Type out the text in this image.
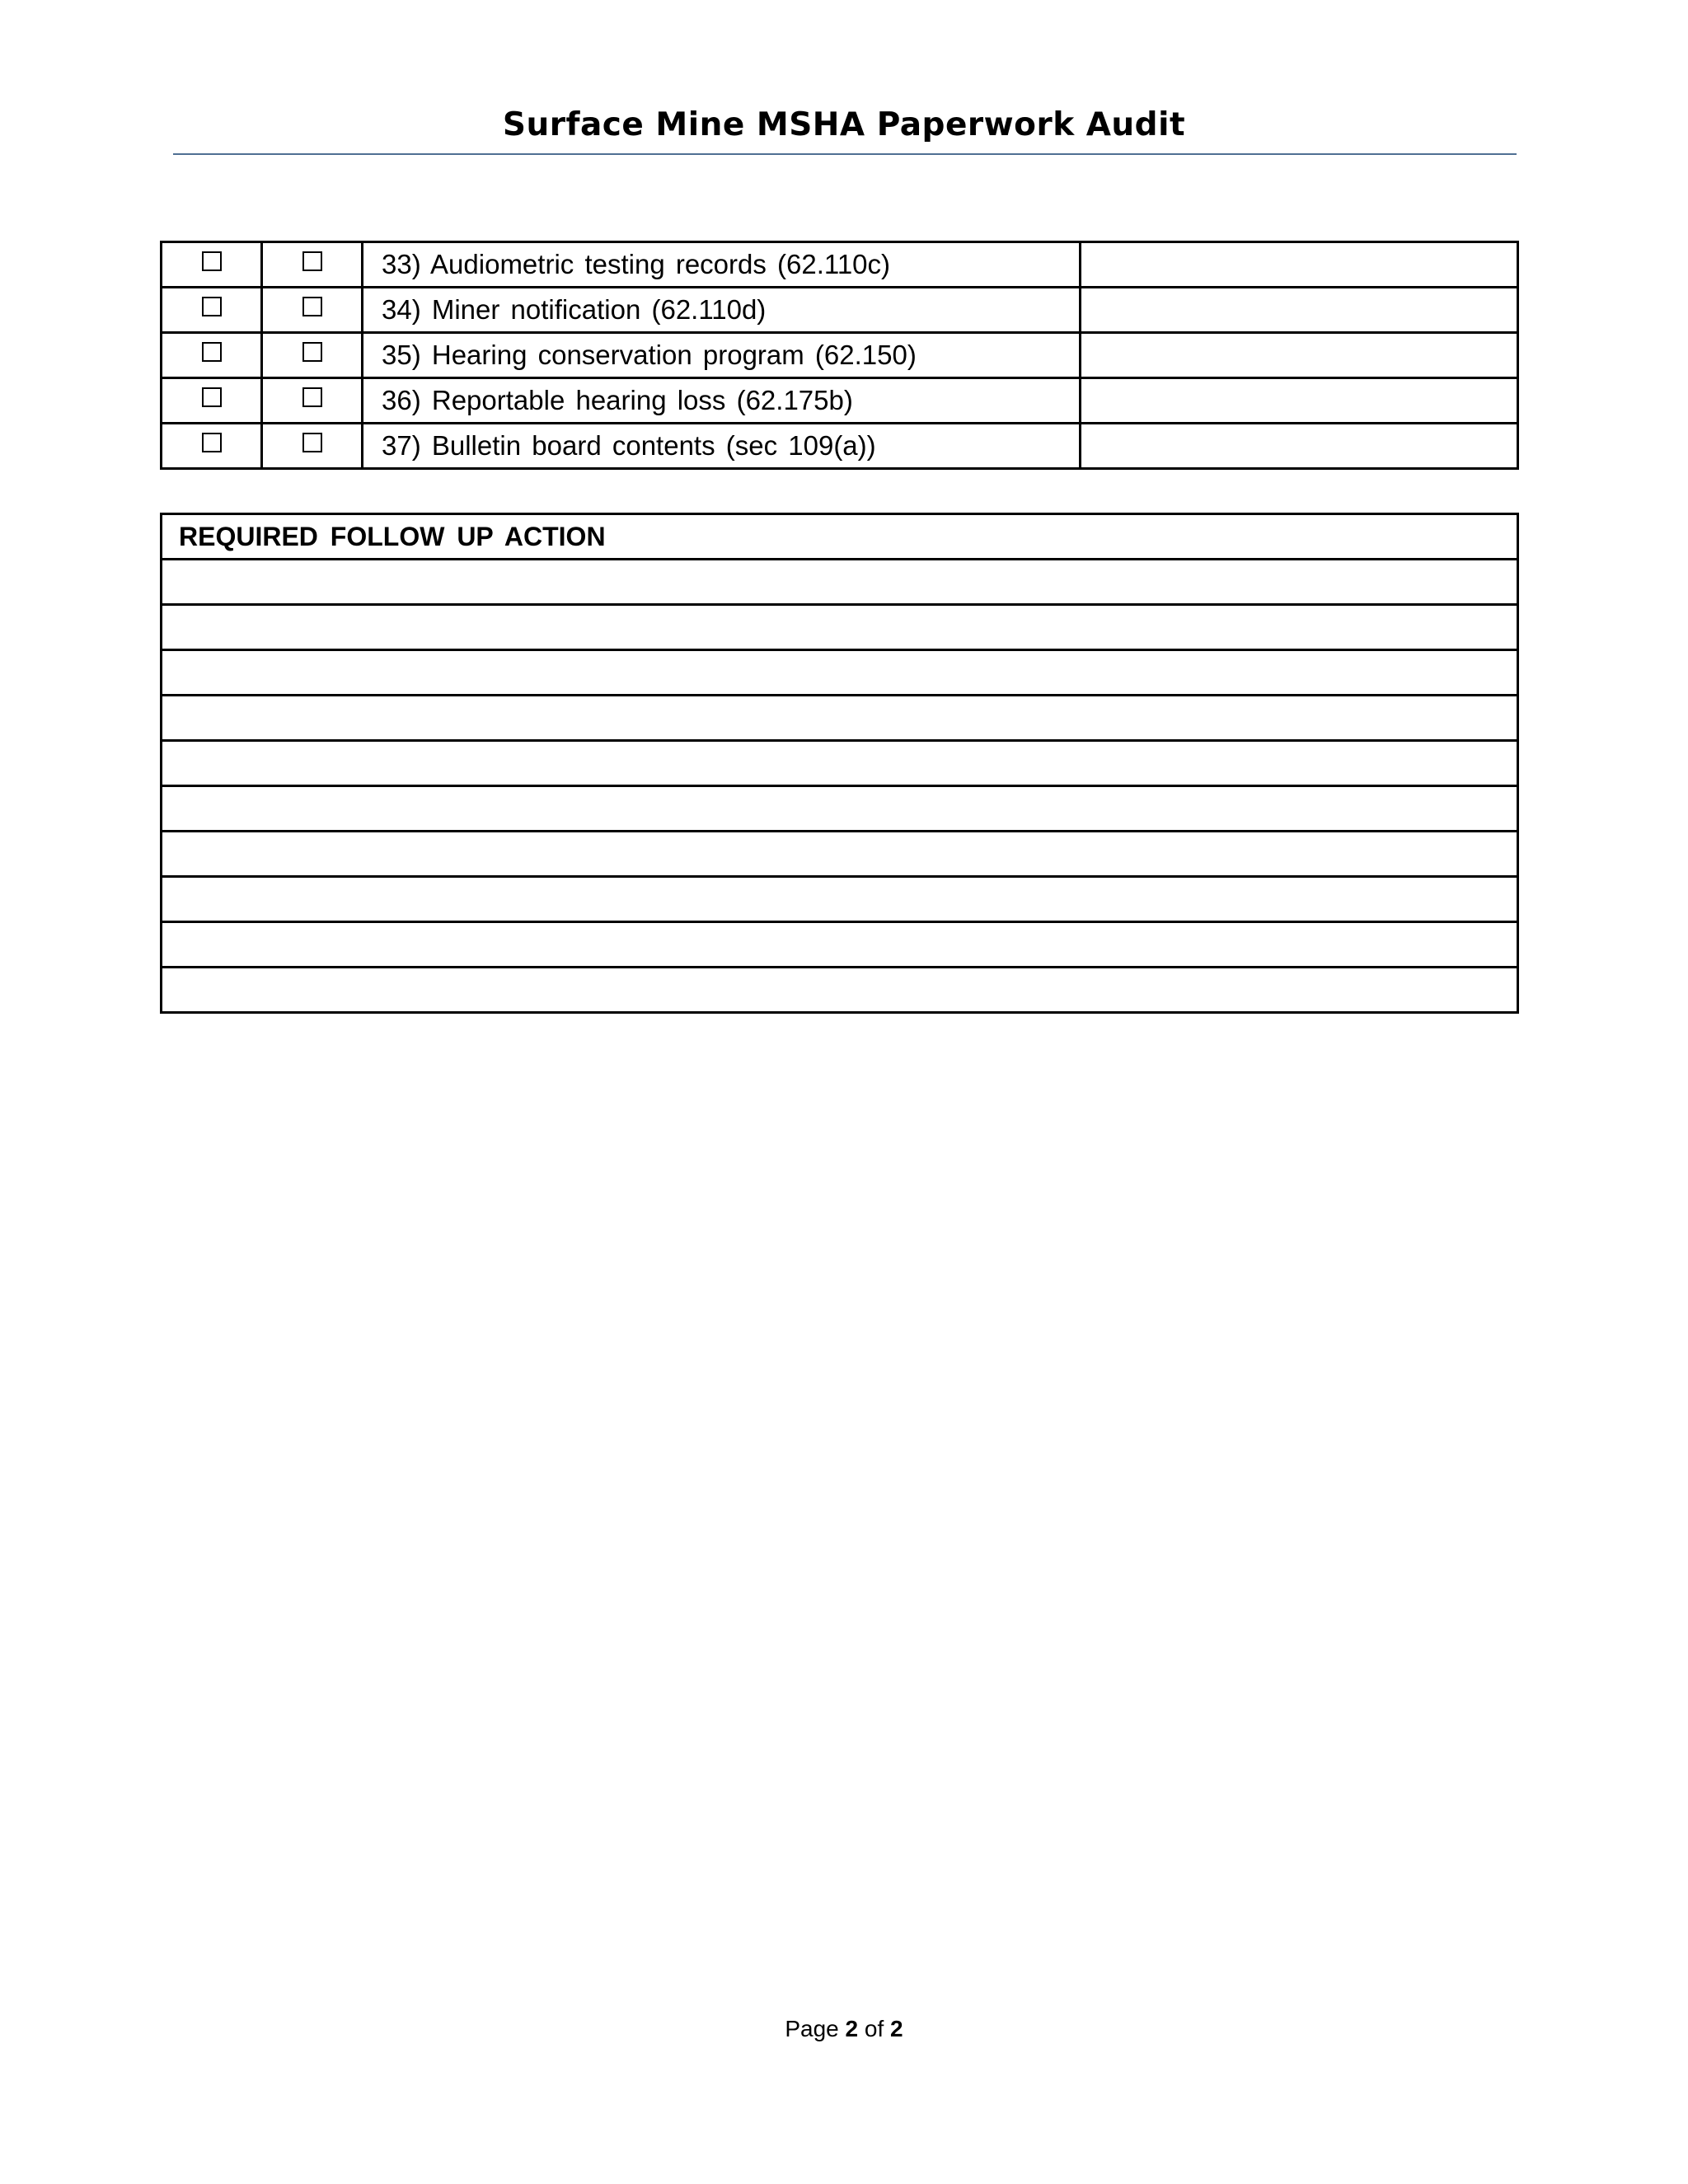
Surface Mine MSHA Paperwork Audit
		33) Audiometric testing records (62.110c)	
		34) Miner notification (62.110d)	
		35) Hearing conservation program (62.150)	
		36) Reportable hearing loss (62.175b)	
		37) Bulletin board contents (sec 109(a))	
REQUIRED FOLLOW UP ACTION

Page 2 of 2
